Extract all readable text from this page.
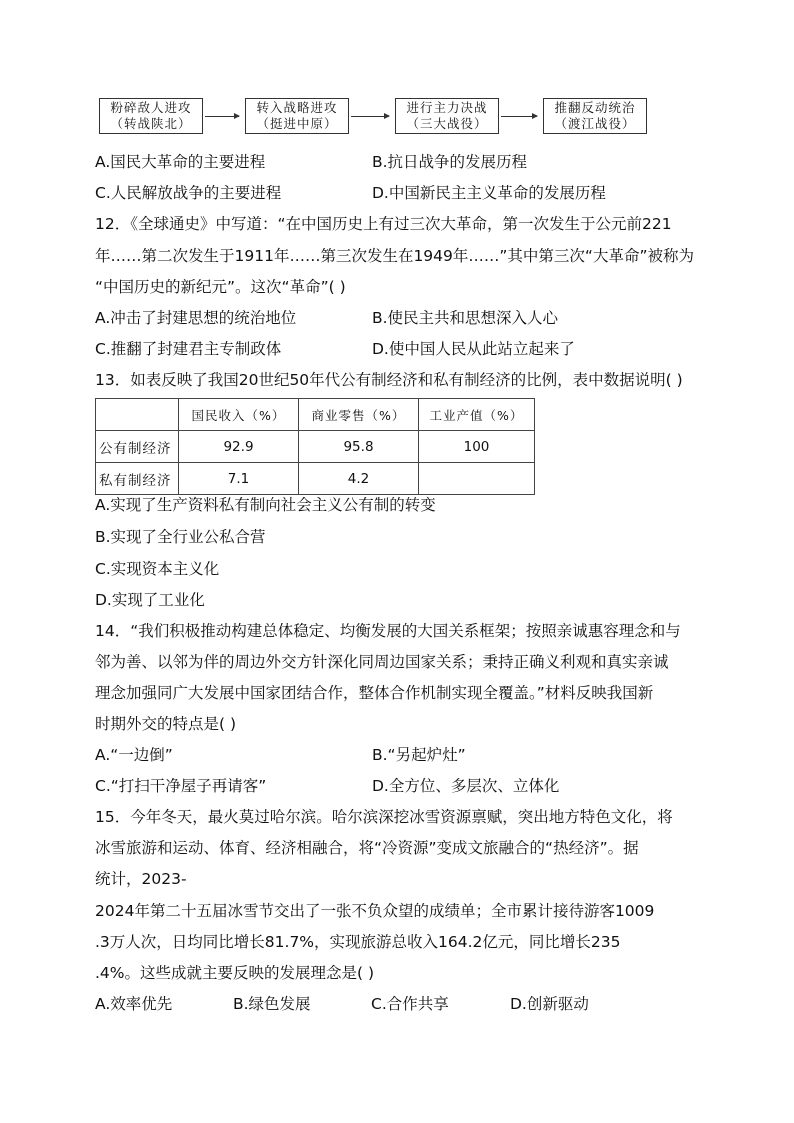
粉碎敌人进攻
（转战陕北）
转入战略进攻
（挺进中原）
进行主力决战
（三大战役）
推翻反动统治
（渡江战役）
A.国民大革命的主要进程	B.抗日战争的发展历程
C.人民解放战争的主要进程	D.中国新民主主义革命的发展历程
12．《全球通史》中写道：“在中国历史上有过三次大革命，第一次发生于公元前221
年……第二次发生于1911年……第三次发生在1949年……”其中第三次“大革命”被称为
“中国历史的新纪元”。这次“革命”( )
A.冲击了封建思想的统治地位	B.使民主共和思想深入人心
C.推翻了封建君主专制政体	D.使中国人民从此站立起来了
13．如表反映了我国20世纪50年代公有制经济和私有制经济的比例，表中数据说明( )
	国民收入（%）	商业零售（%）	工业产值（%）
公有制经济	92.9	95.8	100
私有制经济	7.1	4.2	
A.实现了生产资料私有制向社会主义公有制的转变
B.实现了全行业公私合营
C.实现资本主义化
D.实现了工业化
14．“我们积极推动构建总体稳定、均衡发展的大国关系框架；按照亲诚惠容理念和与
邻为善、以邻为伴的周边外交方针深化同周边国家关系；秉持正确义利观和真实亲诚
理念加强同广大发展中国家团结合作，整体合作机制实现全覆盖。”材料反映我国新
时期外交的特点是( )
A.“一边倒”	B.“另起炉灶”
C.“打扫干净屋子再请客”	D.全方位、多层次、立体化
15．今年冬天，最火莫过哈尔滨。哈尔滨深挖冰雪资源禀赋，突出地方特色文化，将
冰雪旅游和运动、体育、经济相融合，将“冷资源”变成文旅融合的“热经济”。据
统计，2023-
2024年第二十五届冰雪节交出了一张不负众望的成绩单；全市累计接待游客1009
.3万人次，日均同比增长81.7%，实现旅游总收入164.2亿元，同比增长235
.4%。这些成就主要反映的发展理念是( )
A.效率优先	B.绿色发展	C.合作共享	D.创新驱动
